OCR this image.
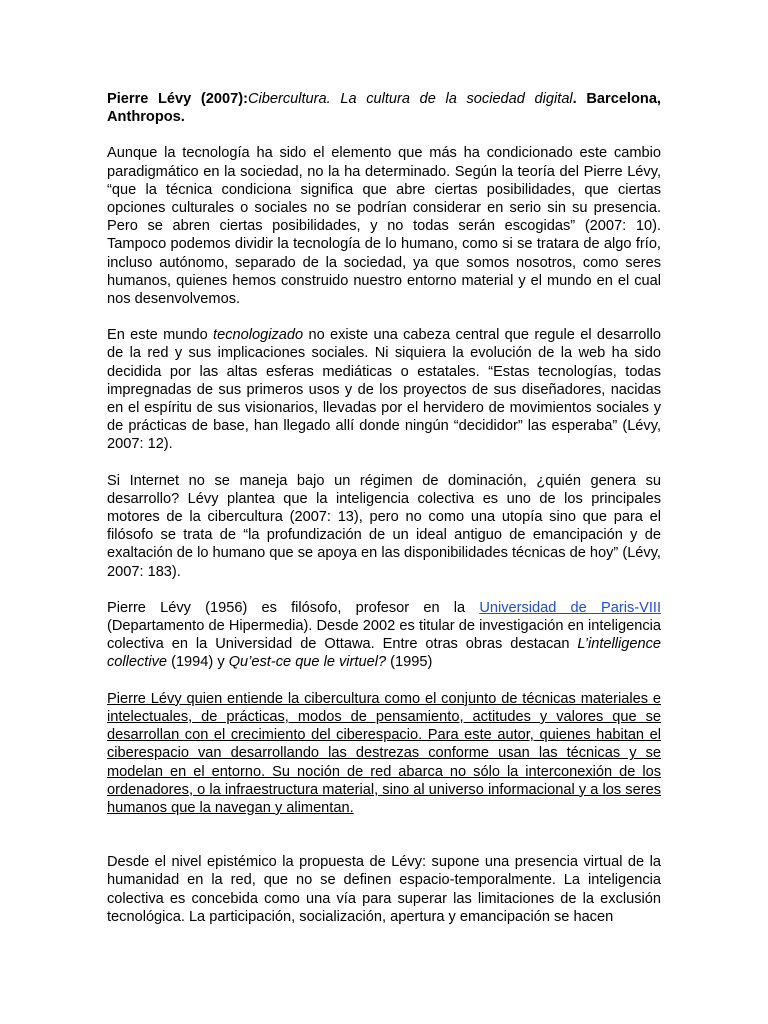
Pierre Lévy (2007):Cibercultura. La cultura de la sociedad digital. Barcelona, Anthropos.

Aunque la tecnología ha sido el elemento que más ha condicionado este cambio paradigmático en la sociedad, no la ha determinado. Según la teoría del Pierre Lévy, “que la técnica condiciona significa que abre ciertas posibilidades, que ciertas opciones culturales o sociales no se podrían considerar en serio sin su presencia. Pero se abren ciertas posibilidades, y no todas serán escogidas” (2007: 10). Tampoco podemos dividir la tecnología de lo humano, como si se tratara de algo frío, incluso autónomo, separado de la sociedad, ya que somos nosotros, como seres humanos, quienes hemos construido nuestro entorno material y el mundo en el cual nos desenvolvemos.

En este mundo tecnologizado no existe una cabeza central que regule el desarrollo de la red y sus implicaciones sociales. Ni siquiera la evolución de la web ha sido decidida por las altas esferas mediáticas o estatales. “Estas tecnologías, todas impregnadas de sus primeros usos y de los proyectos de sus diseñadores, nacidas en el espíritu de sus visionarios, llevadas por el hervidero de movimientos sociales y de prácticas de base, han llegado allí donde ningún “decididor” las esperaba” (Lévy, 2007: 12).

Si Internet no se maneja bajo un régimen de dominación, ¿quién genera su desarrollo? Lévy plantea que la inteligencia colectiva es uno de los principales motores de la cibercultura (2007: 13), pero no como una utopía sino que para el filósofo se trata de “la profundización de un ideal antiguo de emancipación y de exaltación de lo humano que se apoya en las disponibilidades técnicas de hoy” (Lévy, 2007: 183).

Pierre Lévy (1956) es filósofo, profesor en la Universidad de Paris-VIII (Departamento de Hipermedia). Desde 2002 es titular de investigación en inteligencia colectiva en la Universidad de Ottawa. Entre otras obras destacan L’intelligence collective (1994) y Qu’est-ce que le virtuel? (1995)

Pierre Lévy quien entiende la cibercultura como el conjunto de técnicas materiales e intelectuales, de prácticas, modos de pensamiento, actitudes y valores que se desarrollan con el crecimiento del ciberespacio. Para este autor, quienes habitan el ciberespacio van desarrollando las destrezas conforme usan las técnicas y se modelan en el entorno. Su noción de red abarca no sólo la interconexión de los ordenadores, o la infraestructura material, sino al universo informacional y a los seres humanos que la navegan y alimentan.

Desde el nivel epistémico la propuesta de Lévy: supone una presencia virtual de la humanidad en la red, que no se definen espacio-temporalmente. La inteligencia colectiva es concebida como una vía para superar las limitaciones de la exclusión tecnológica. La participación, socialización, apertura y emancipación se hacen
